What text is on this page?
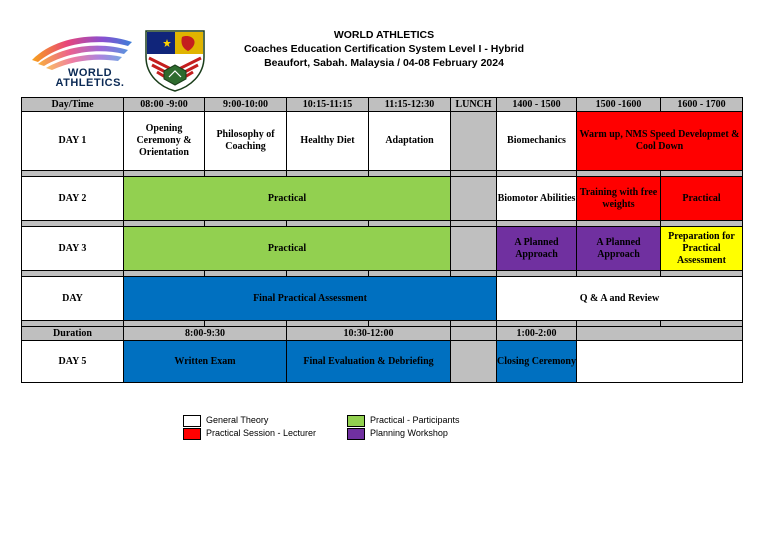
WORLD ATHLETICS
Coaches Education Certification System Level I - Hybrid
Beaufort, Sabah. Malaysia / 04-08 February 2024
WORLD
ATHLETICS.
Day/Time	08:00 -9:00	9:00-10:00	10:15-11:15	11:15-12:30	LUNCH	1400 - 1500	1500 -1600	1600 - 1700
DAY 1	Opening Ceremony & Orientation	Philosophy of Coaching	Healthy Diet	Adaptation		Biomechanics	Warm up, NMS Speed Developmet & Cool Down	

DAY 2	Practical					Biomotor Abilities	Training with free weights	Practical

DAY 3	Practical					A Planned Approach	A Planned Approach	Preparation for Practical Assessment

DAY	Final Practical Assessment					Q & A and Review		

Duration	8:00-9:30		10:30-12:00			1:00-2:00		
DAY 5	Written Exam		Final Evaluation & Debriefing			Closing Ceremony		
General Theory
Practical Session - Lecturer
Practical - Participants
Planning Workshop
